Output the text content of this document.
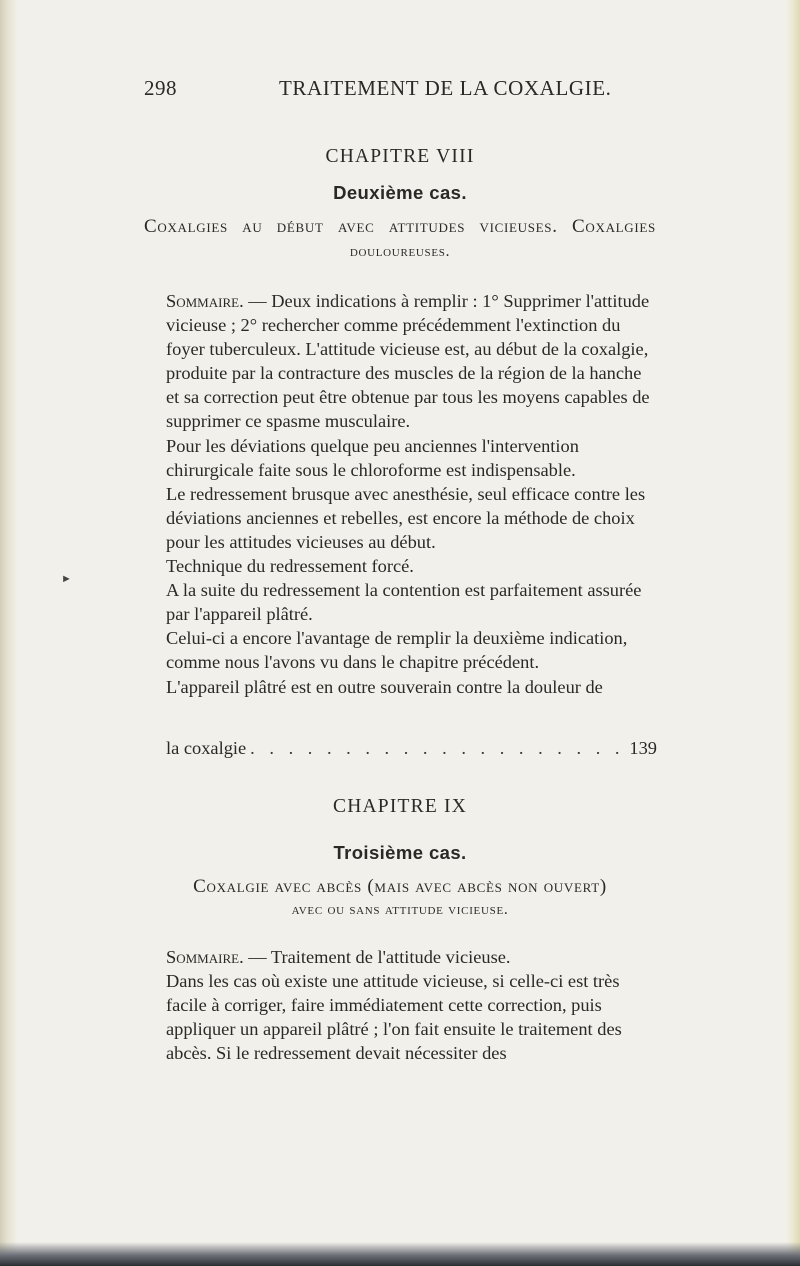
298	TRAITEMENT DE LA COXALGIE.
CHAPITRE VIII
Deuxième cas.
Coxalgies au début avec attitudes vicieuses. Coxalgies
douloureuses.

Sommaire. — Deux indications à remplir : 1° Supprimer l'attitude vicieuse ; 2° rechercher comme précédemment l'extinction du foyer tuberculeux. L'attitude vicieuse est, au début de la coxalgie, produite par la contracture des muscles de la région de la hanche et sa correction peut être obtenue par tous les moyens capables de supprimer ce spasme musculaire.

Pour les déviations quelque peu anciennes l'intervention chirurgicale faite sous le chloroforme est indispensable.

Le redressement brusque avec anesthésie, seul efficace contre les déviations anciennes et rebelles, est encore la méthode de choix pour les attitudes vicieuses au début.

Technique du redressement forcé.

A la suite du redressement la contention est parfaitement assurée par l'appareil plâtré.

Celui-ci a encore l'avantage de remplir la deuxième indication, comme nous l'avons vu dans le chapitre précédent.

L'appareil plâtré est en outre souverain contre la douleur de

la coxalgie
. . .	139
CHAPITRE IX
Troisième cas.
Coxalgie avec abcès (mais avec abcès non ouvert)
avec ou sans attitude vicieuse.

Sommaire. — Traitement de l'attitude vicieuse.

Dans les cas où existe une attitude vicieuse, si celle-ci est très facile à corriger, faire immédiatement cette correction, puis appliquer un appareil plâtré ; l'on fait ensuite le traitement des abcès. Si le redressement devait nécessiter des

►
